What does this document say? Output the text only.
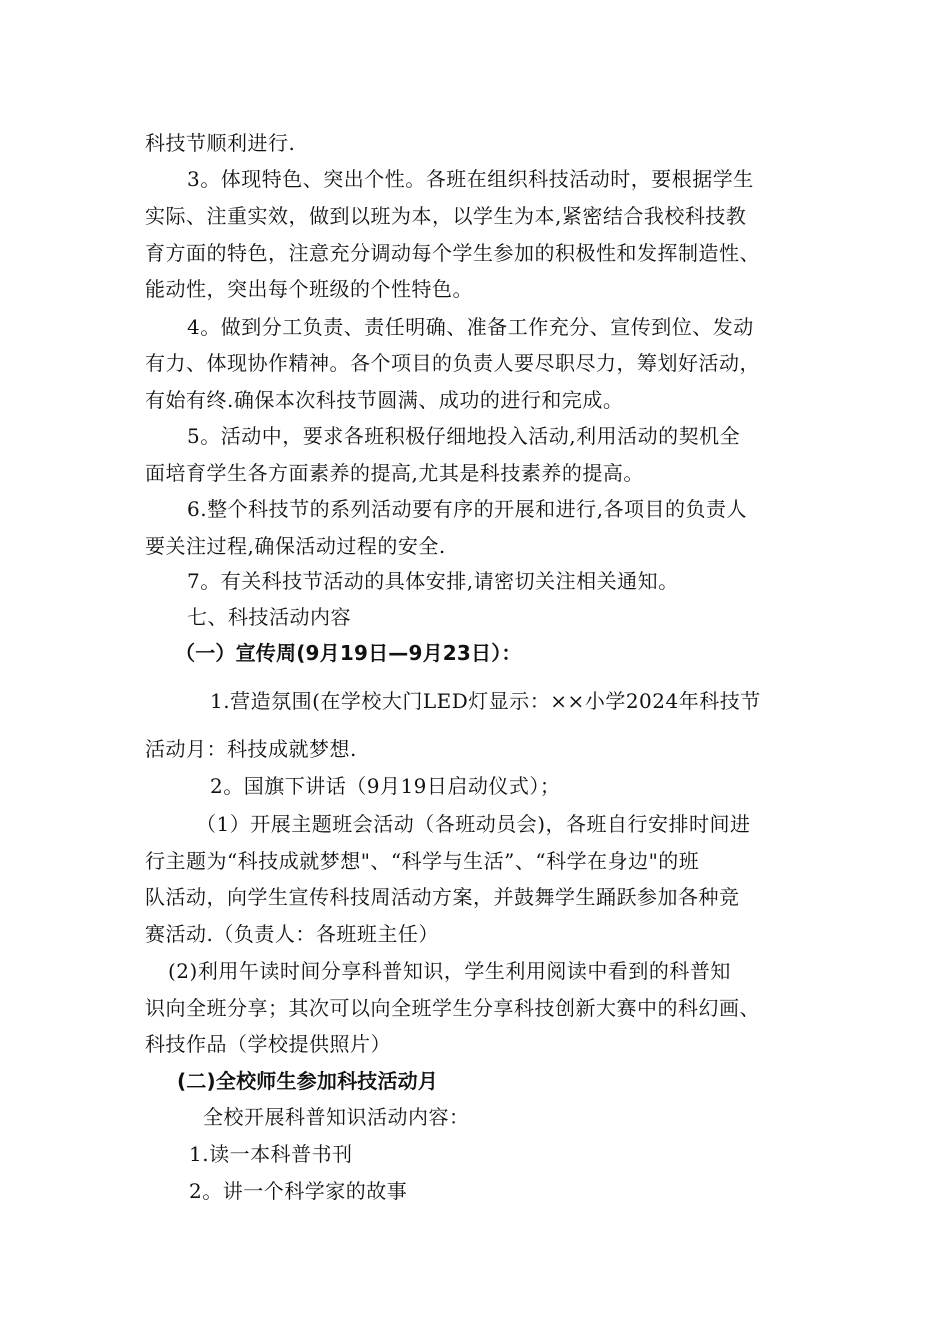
科技节顺利进行.
3。体现特色、突出个性。各班在组织科技活动时，要根据学生
实际、注重实效，做到以班为本，以学生为本,紧密结合我校科技教
育方面的特色，注意充分调动每个学生参加的积极性和发挥制造性、
能动性，突出每个班级的个性特色。
4。做到分工负责、责任明确、准备工作充分、宣传到位、发动
有力、体现协作精神。各个项目的负责人要尽职尽力，筹划好活动，
有始有终.确保本次科技节圆满、成功的进行和完成。
5。活动中，要求各班积极仔细地投入活动,利用活动的契机全
面培育学生各方面素养的提高,尤其是科技素养的提高。
6.整个科技节的系列活动要有序的开展和进行,各项目的负责人
要关注过程,确保活动过程的安全.
7。有关科技节活动的具体安排,请密切关注相关通知。
七、科技活动内容
（一）宣传周(9月19日—9月23日）：
1.营造氛围(在学校大门LED灯显示：××小学2024年科技节
活动月：科技成就梦想.
2。国旗下讲话（9月19日启动仪式）；
（1）开展主题班会活动（各班动员会)，各班自行安排时间进
行主题为“科技成就梦想"、“科学与生活”、“科学在身边"的班
队活动，向学生宣传科技周活动方案，并鼓舞学生踊跃参加各种竞
赛活动.（负责人：各班班主任）
(2)利用午读时间分享科普知识，学生利用阅读中看到的科普知
识向全班分享；其次可以向全班学生分享科技创新大赛中的科幻画、
科技作品（学校提供照片）
(二)全校师生参加科技活动月
全校开展科普知识活动内容：
1.读一本科普书刊
2。讲一个科学家的故事
